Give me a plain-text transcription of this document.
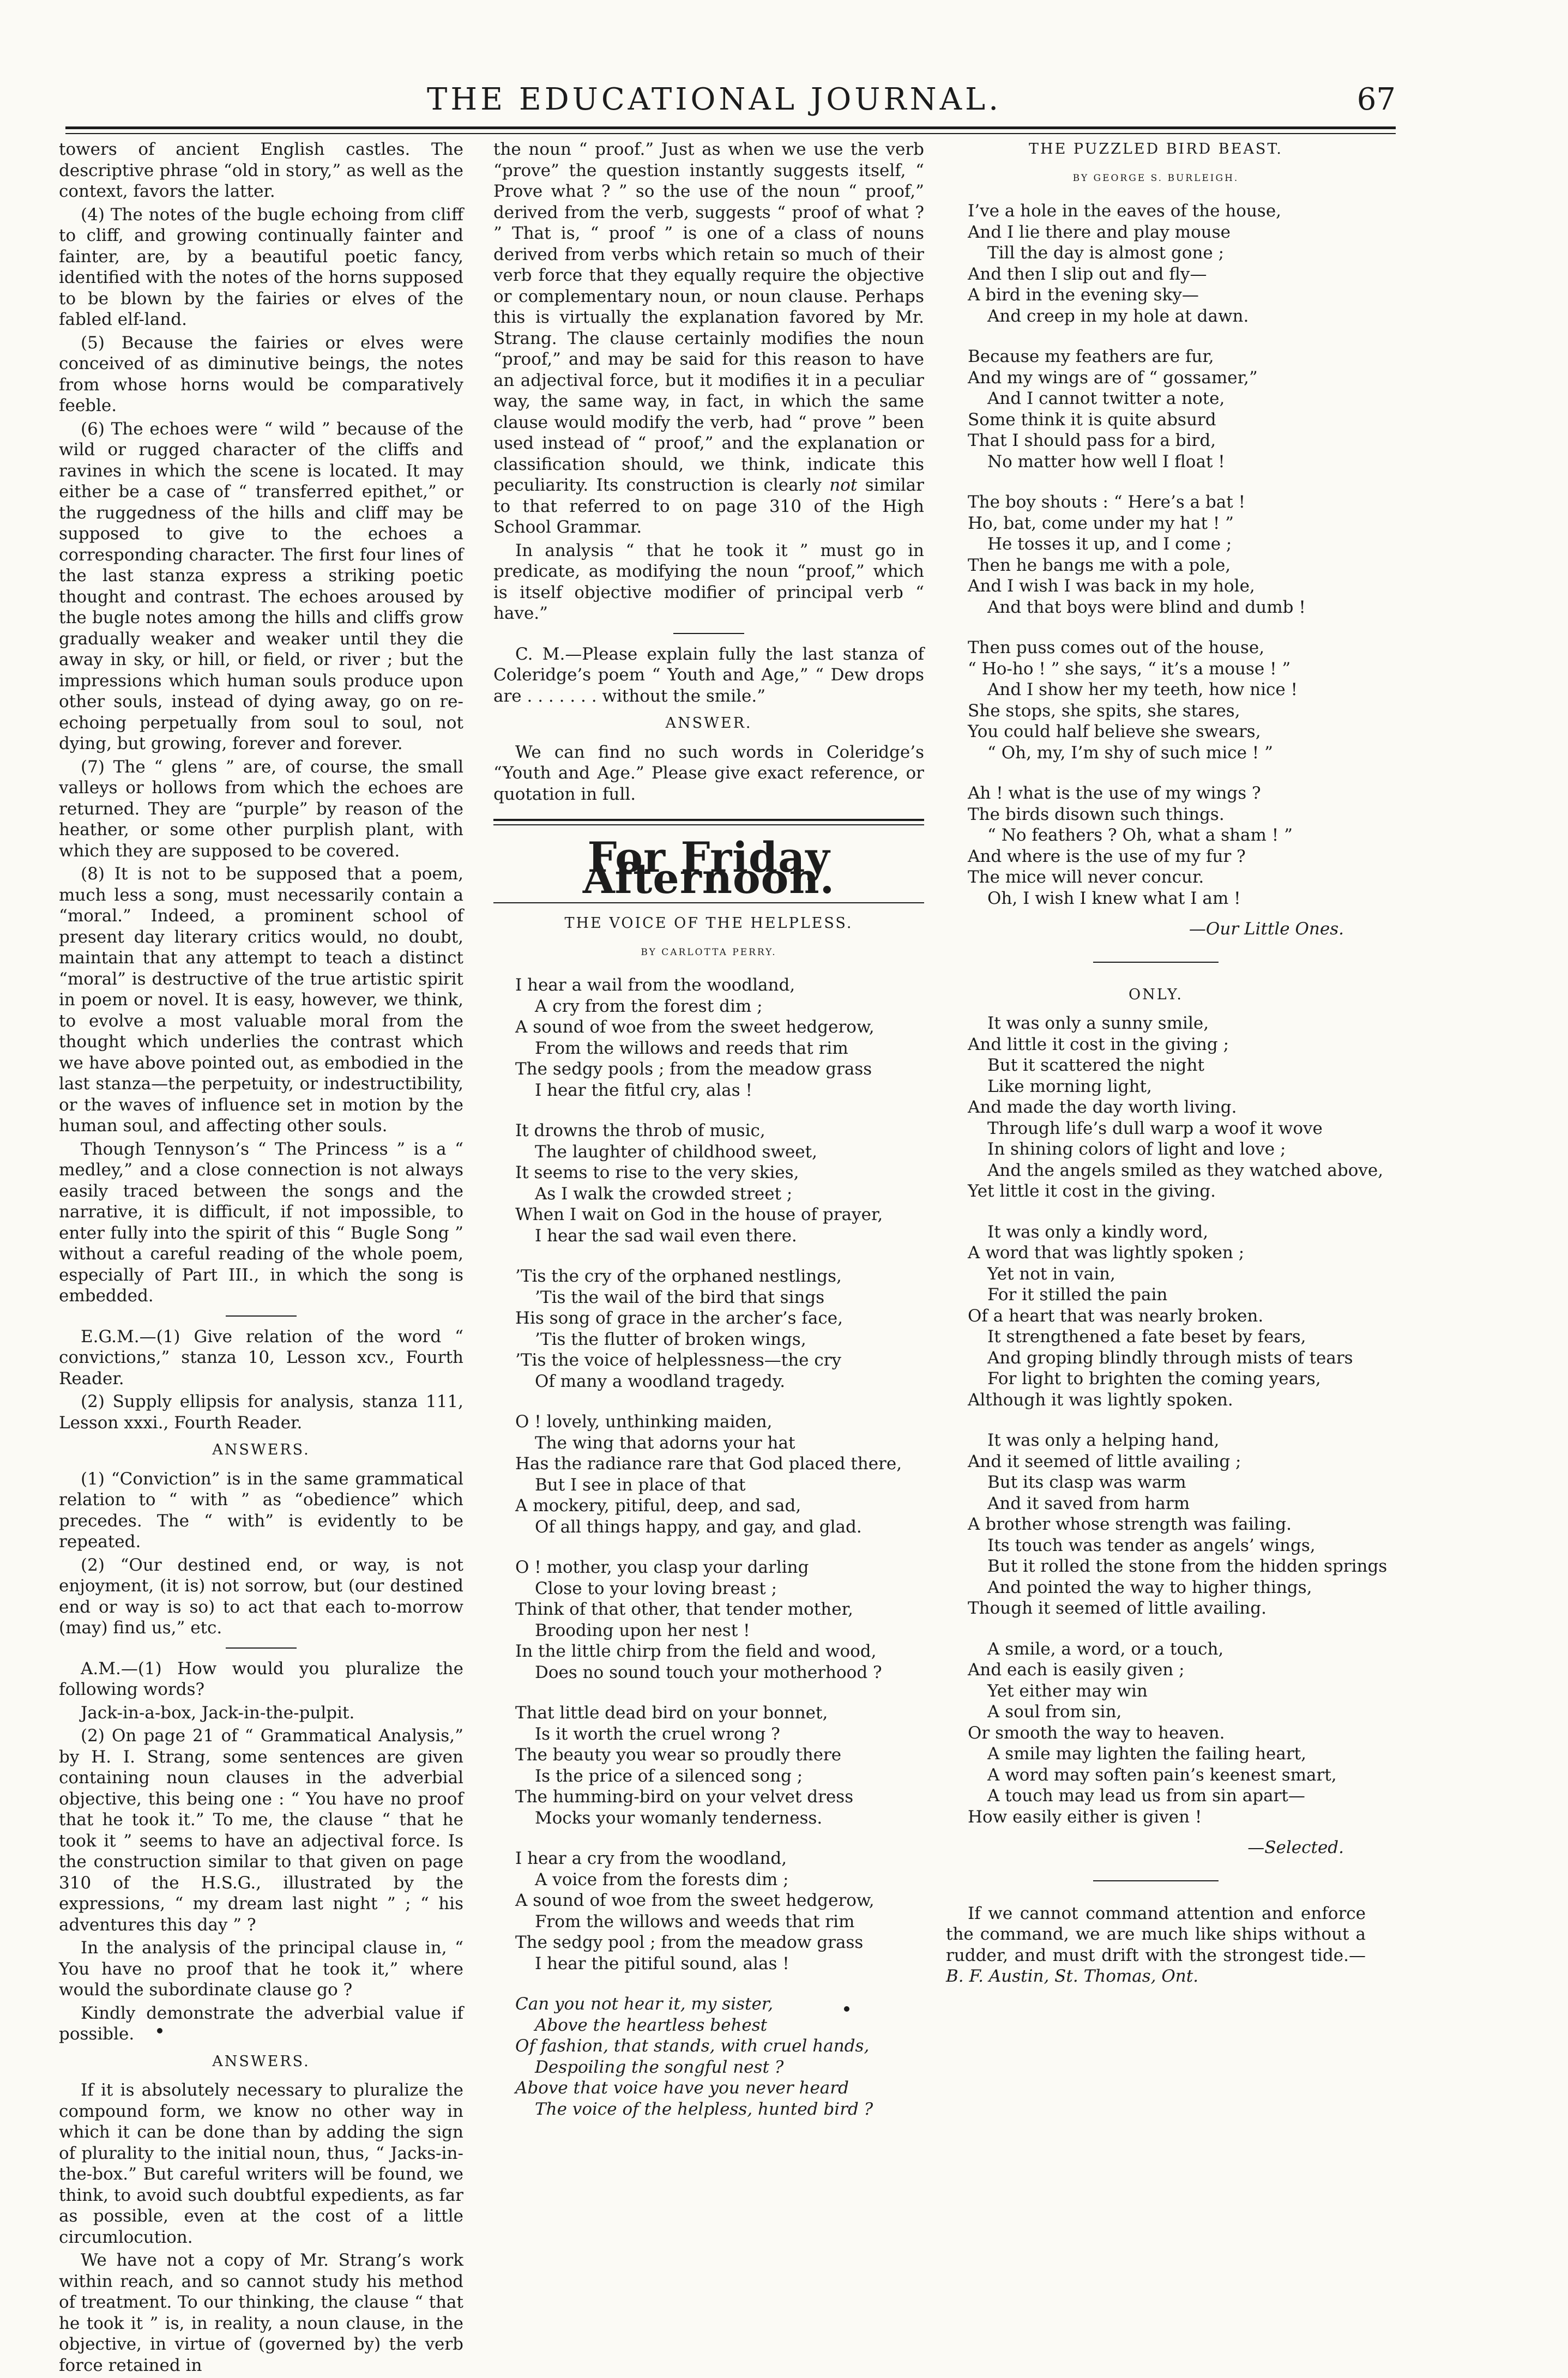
THE EDUCATIONAL JOURNAL.	67

towers of ancient English castles. The descriptive phrase “old in story,” as well as the context, favors the latter.

(4) The notes of the bugle echoing from cliff to cliff, and growing continually fainter and fainter, are, by a beautiful poetic fancy, identified with the notes of the horns supposed to be blown by the fairies or elves of the fabled elf-land.

(5) Because the fairies or elves were conceived of as diminutive beings, the notes from whose horns would be comparatively feeble.

(6) The echoes were “ wild ” because of the wild or rugged character of the cliffs and ravines in which the scene is located. It may either be a case of “ transferred epithet,” or the ruggedness of the hills and cliff may be supposed to give to the echoes a corresponding character. The first four lines of the last stanza express a striking poetic thought and contrast. The echoes aroused by the bugle notes among the hills and cliffs grow gradually weaker and weaker until they die away in sky, or hill, or field, or river ; but the impressions which human souls produce upon other souls, instead of dying away, go on re-echoing perpetually from soul to soul, not dying, but growing, forever and forever.

(7) The “ glens ” are, of course, the small valleys or hollows from which the echoes are returned. They are “purple” by reason of the heather, or some other purplish plant, with which they are supposed to be covered.

(8) It is not to be supposed that a poem, much less a song, must necessarily contain a “moral.” Indeed, a prominent school of present day literary critics would, no doubt, maintain that any attempt to teach a distinct “moral” is destructive of the true artistic spirit in poem or novel. It is easy, however, we think, to evolve a most valuable moral from the thought which underlies the contrast which we have above pointed out, as embodied in the last stanza—the perpetuity, or indestructibility, or the waves of influence set in motion by the human soul, and affecting other souls.

Though Tennyson’s “ The Princess ” is a “ medley,” and a close connection is not always easily traced between the songs and the narrative, it is difficult, if not impossible, to enter fully into the spirit of this “ Bugle Song ” without a careful reading of the whole poem, especially of Part III., in which the song is embedded.

E.G.M.—(1) Give relation of the word “ convictions,” stanza 10, Lesson xcv., Fourth Reader.

(2) Supply ellipsis for analysis, stanza 111, Lesson xxxi., Fourth Reader.

ANSWERS.

(1) “Conviction” is in the same grammatical relation to “ with ” as “obedience” which precedes. The “ with” is evidently to be repeated.

(2) “Our destined end, or way, is not enjoyment, (it is) not sorrow, but (our destined end or way is so) to act that each to-morrow (may) find us,” etc.

A.M.—(1) How would you pluralize the following words?

Jack-in-a-box, Jack-in-the-pulpit.

(2) On page 21 of “ Grammatical Analysis,” by H. I. Strang, some sentences are given containing noun clauses in the adverbial objective, this being one : “ You have no proof that he took it.” To me, the clause “ that he took it ” seems to have an adjectival force. Is the construction similar to that given on page 310 of the H.S.G., illustrated by the expressions, “ my dream last night ” ; “ his adventures this day ” ?

In the analysis of the principal clause in, “ You have no proof that he took it,” where would the subordinate clause go ?

Kindly demonstrate the adverbial value if possible.

ANSWERS.

If it is absolutely necessary to pluralize the compound form, we know no other way in which it can be done than by adding the sign of plurality to the initial noun, thus, “ Jacks-in-the-box.” But careful writers will be found, we think, to avoid such doubtful expedients, as far as possible, even at the cost of a little circumlocution.

We have not a copy of Mr. Strang’s work within reach, and so cannot study his method of treatment. To our thinking, the clause “ that he took it ” is, in reality, a noun clause, in the objective, in virtue of (governed by) the verb force retained in

the noun “ proof.” Just as when we use the verb “prove” the question instantly suggests itself, “ Prove what ? ” so the use of the noun “ proof,” derived from the verb, suggests “ proof of what ? ” That is, “ proof ” is one of a class of nouns derived from verbs which retain so much of their verb force that they equally require the objective or complementary noun, or noun clause. Perhaps this is virtually the explanation favored by Mr. Strang. The clause certainly modifies the noun “proof,” and may be said for this reason to have an adjectival force, but it modifies it in a peculiar way, the same way, in fact, in which the same clause would modify the verb, had “ prove ” been used instead of “ proof,” and the explanation or classification should, we think, indicate this peculiarity. Its construction is clearly not similar to that referred to on page 310 of the High School Grammar.

In analysis “ that he took it ” must go in predicate, as modifying the noun “proof,” which is itself objective modifier of principal verb “ have.”

C. M.—Please explain fully the last stanza of Coleridge’s poem “ Youth and Age,” “ Dew drops are . . . . . . . without the smile.”

ANSWER.

We can find no such words in Coleridge’s “Youth and Age.” Please give exact reference, or quotation in full.

For Friday Afternoon.
THE VOICE OF THE HELPLESS.
BY CARLOTTA PERRY.
I hear a wail from the woodland,
A cry from the forest dim ;
A sound of woe from the sweet hedgerow,
From the willows and reeds that rim
The sedgy pools ; from the meadow grass
I hear the fitful cry, alas !
It drowns the throb of music,
The laughter of childhood sweet,
It seems to rise to the very skies,
As I walk the crowded street ;
When I wait on God in the house of prayer,
I hear the sad wail even there.
’Tis the cry of the orphaned nestlings,
’Tis the wail of the bird that sings
His song of grace in the archer’s face,
’Tis the flutter of broken wings,
’Tis the voice of helplessness—the cry
Of many a woodland tragedy.
O ! lovely, unthinking maiden,
The wing that adorns your hat
Has the radiance rare that God placed there,
But I see in place of that
A mockery, pitiful, deep, and sad,
Of all things happy, and gay, and glad.
O ! mother, you clasp your darling
Close to your loving breast ;
Think of that other, that tender mother,
Brooding upon her nest !
In the little chirp from the field and wood,
Does no sound touch your motherhood ?
That little dead bird on your bonnet,
Is it worth the cruel wrong ?
The beauty you wear so proudly there
Is the price of a silenced song ;
The humming-bird on your velvet dress
Mocks your womanly tenderness.
I hear a cry from the woodland,
A voice from the forests dim ;
A sound of woe from the sweet hedgerow,
From the willows and weeds that rim
The sedgy pool ; from the meadow grass
I hear the pitiful sound, alas !
Can you not hear it, my sister,
Above the heartless behest
Of fashion, that stands, with cruel hands,
Despoiling the songful nest ?
Above that voice have you never heard
The voice of the helpless, hunted bird ?
THE PUZZLED BIRD BEAST.
BY GEORGE S. BURLEIGH.
I’ve a hole in the eaves of the house,
And I lie there and play mouse
Till the day is almost gone ;
And then I slip out and fly—
A bird in the evening sky—
And creep in my hole at dawn.
Because my feathers are fur,
And my wings are of “ gossamer,”
And I cannot twitter a note,
Some think it is quite absurd
That I should pass for a bird,
No matter how well I float !
The boy shouts : “ Here’s a bat !
Ho, bat, come under my hat ! ”
He tosses it up, and I come ;
Then he bangs me with a pole,
And I wish I was back in my hole,
And that boys were blind and dumb !
Then puss comes out of the house,
“ Ho-ho ! ” she says, “ it’s a mouse ! ”
And I show her my teeth, how nice !
She stops, she spits, she stares,
You could half believe she swears,
“ Oh, my, I’m shy of such mice ! ”
Ah ! what is the use of my wings ?
The birds disown such things.
“ No feathers ? Oh, what a sham ! ”
And where is the use of my fur ?
The mice will never concur.
Oh, I wish I knew what I am !
—Our Little Ones.
ONLY.
It was only a sunny smile,
And little it cost in the giving ;
But it scattered the night
Like morning light,
And made the day worth living.
Through life’s dull warp a woof it wove
In shining colors of light and love ;
And the angels smiled as they watched above,
Yet little it cost in the giving.
It was only a kindly word,
A word that was lightly spoken ;
Yet not in vain,
For it stilled the pain
Of a heart that was nearly broken.
It strengthened a fate beset by fears,
And groping blindly through mists of tears
For light to brighten the coming years,
Although it was lightly spoken.
It was only a helping hand,
And it seemed of little availing ;
But its clasp was warm
And it saved from harm
A brother whose strength was failing.
Its touch was tender as angels’ wings,
But it rolled the stone from the hidden springs
And pointed the way to higher things,
Though it seemed of little availing.
A smile, a word, or a touch,
And each is easily given ;
Yet either may win
A soul from sin,
Or smooth the way to heaven.
A smile may lighten the failing heart,
A word may soften pain’s keenest smart,
A touch may lead us from sin apart—
How easily either is given !
—Selected.

If we cannot command attention and enforce the command, we are much like ships without a rudder, and must drift with the strongest tide.— B. F. Austin, St. Thomas, Ont.
